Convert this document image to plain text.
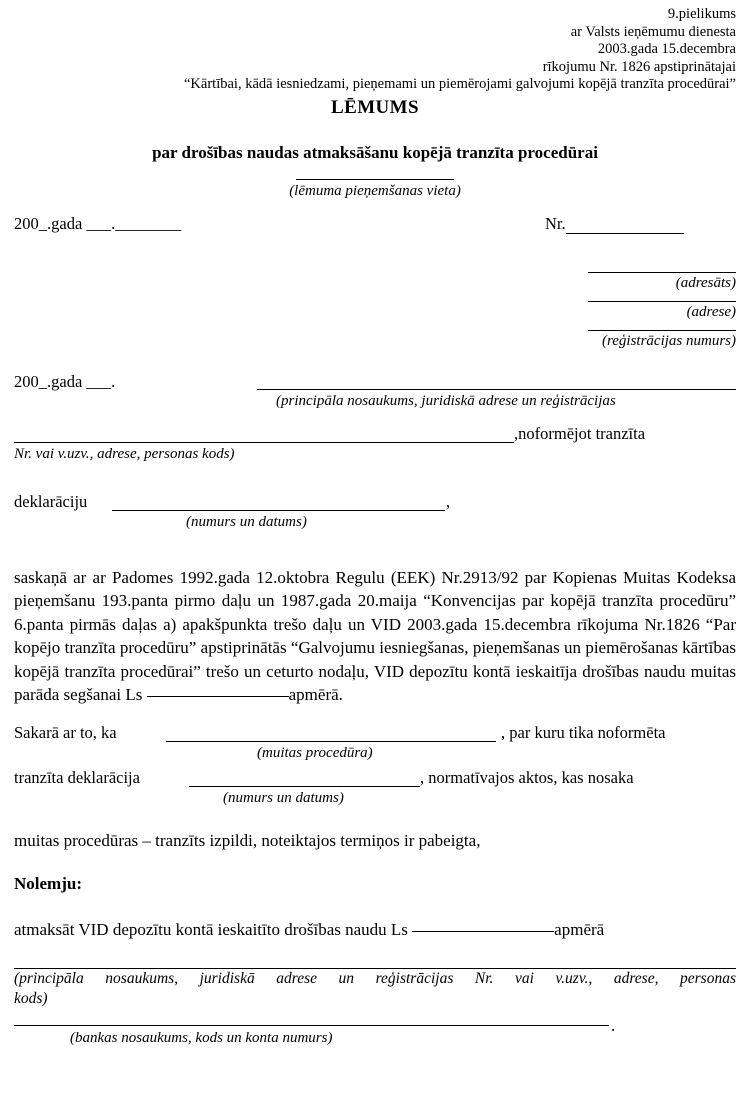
9.pielikums
ar Valsts ieņēmumu dienesta
2003.gada 15.decembra
rīkojumu Nr. 1826 apstiprinātajai
“Kārtībai, kādā iesniedzami, pieņemami un piemērojami galvojumi kopējā tranzīta procedūrai”
LĒMUMS
par drošības naudas atmaksāšanu kopējā tranzīta procedūrai
(lēmuma pieņemšanas vieta)
200_.gada ___.________	Nr.
(adresāts)
(adrese)
(reģistrācijas numurs)
200_.gada ___.
(principāla nosaukums, juridiskā adrese un reģistrācijas
,noformējot tranzīta
Nr. vai v.uzv., adrese, personas kods)
deklarāciju	,
(numurs un datums)
saskaņā ar ar Padomes 1992.gada 12.oktobra Regulu (EEK) Nr.2913/92 par Kopienas Muitas Kodeksa pieņemšanu 193.panta pirmo daļu un 1987.gada 20.maija “Konvencijas par kopējā tranzīta procedūru” 6.panta pirmās daļas a) apakšpunkta trešo daļu un VID 2003.gada 15.decembra rīkojuma Nr.1826 “Par kopējo tranzīta procedūru” apstiprinātās “Galvojumu iesniegšanas, pieņemšanas un piemērošanas kārtības kopējā tranzīta procedūrai” trešo un ceturto nodaļu, VID depozītu kontā ieskaitīja drošības naudu muitas parāda segšanai Ls	apmērā.
Sakarā ar to, ka	, par kuru tika noformēta
(muitas procedūra)
tranzīta deklarācija	, normatīvajos aktos, kas nosaka
(numurs un datums)
muitas procedūras – tranzīts izpildi, noteiktajos termiņos ir pabeigta,
Nolemju:
atmaksāt VID depozītu kontā ieskaitīto drošības naudu Ls	apmērā
(principāla nosaukums, juridiskā adrese un reģistrācijas Nr. vai v.uzv., adrese, personas
kods)
.
(bankas nosaukums, kods un konta numurs)
